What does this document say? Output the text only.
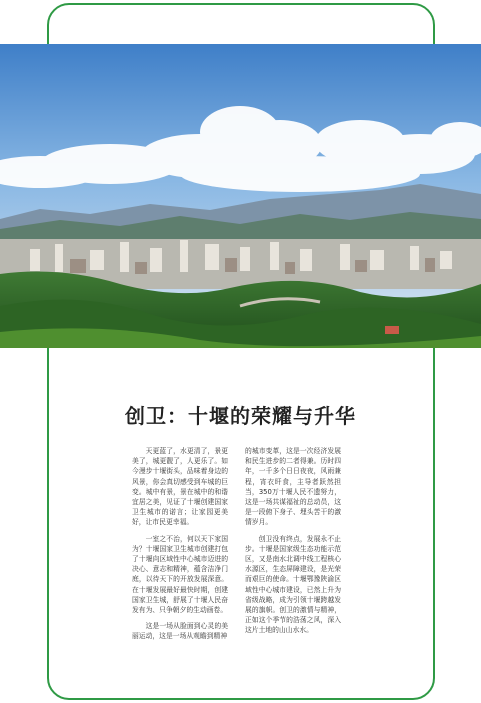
创卫：十堰的荣耀与升华

天更蓝了，水更清了，景更美了，城更靓了，人更乐了。如今漫步十堰街头，品味着身边的风景，你会真切感受到车城的巨变。城中有景，景在城中的和谐宜居之美，见证了十堰创建国家卫生城市的诺言；让家园更美好，让市民更幸福。

一室之不治，何以天下家国为？十堰国家卫生城市创建打包了十堰向区域性中心城市迈进的决心、意志和精神，蕴含洁净门庭，以待天下的开放发展深意。在十堰发展最好最快时期，创建国家卫生城，舒展了十堰人民奋发有为、只争朝夕的生动画卷。

这是一场从脸面到心灵的美丽运动，这是一场从观瞻到精神

的城市变革，这是一次经济发展和民生进步的二者得兼。历时四年，一千多个日日夜夜，风雨兼程，宵衣旰食，主导者跃然担当，350万十堰人民不遗努力，这是一场共谋福祉的总动员，这是一段俯下身子、埋头苦干的激情岁月。

创卫没有终点，发展永不止步。十堰是国家级生态功能示范区，又是南水北调中线工程核心水源区，生态屏障建设，是光荣而艰巨的使命。十堰鄂豫陕渝区域性中心城市建设，已然上升为省级战略，成为引领十堰跨越发展的旗帜。创卫的激情与精神，正如这个季节的浩荡之风，深入这片土地的山山水水。
